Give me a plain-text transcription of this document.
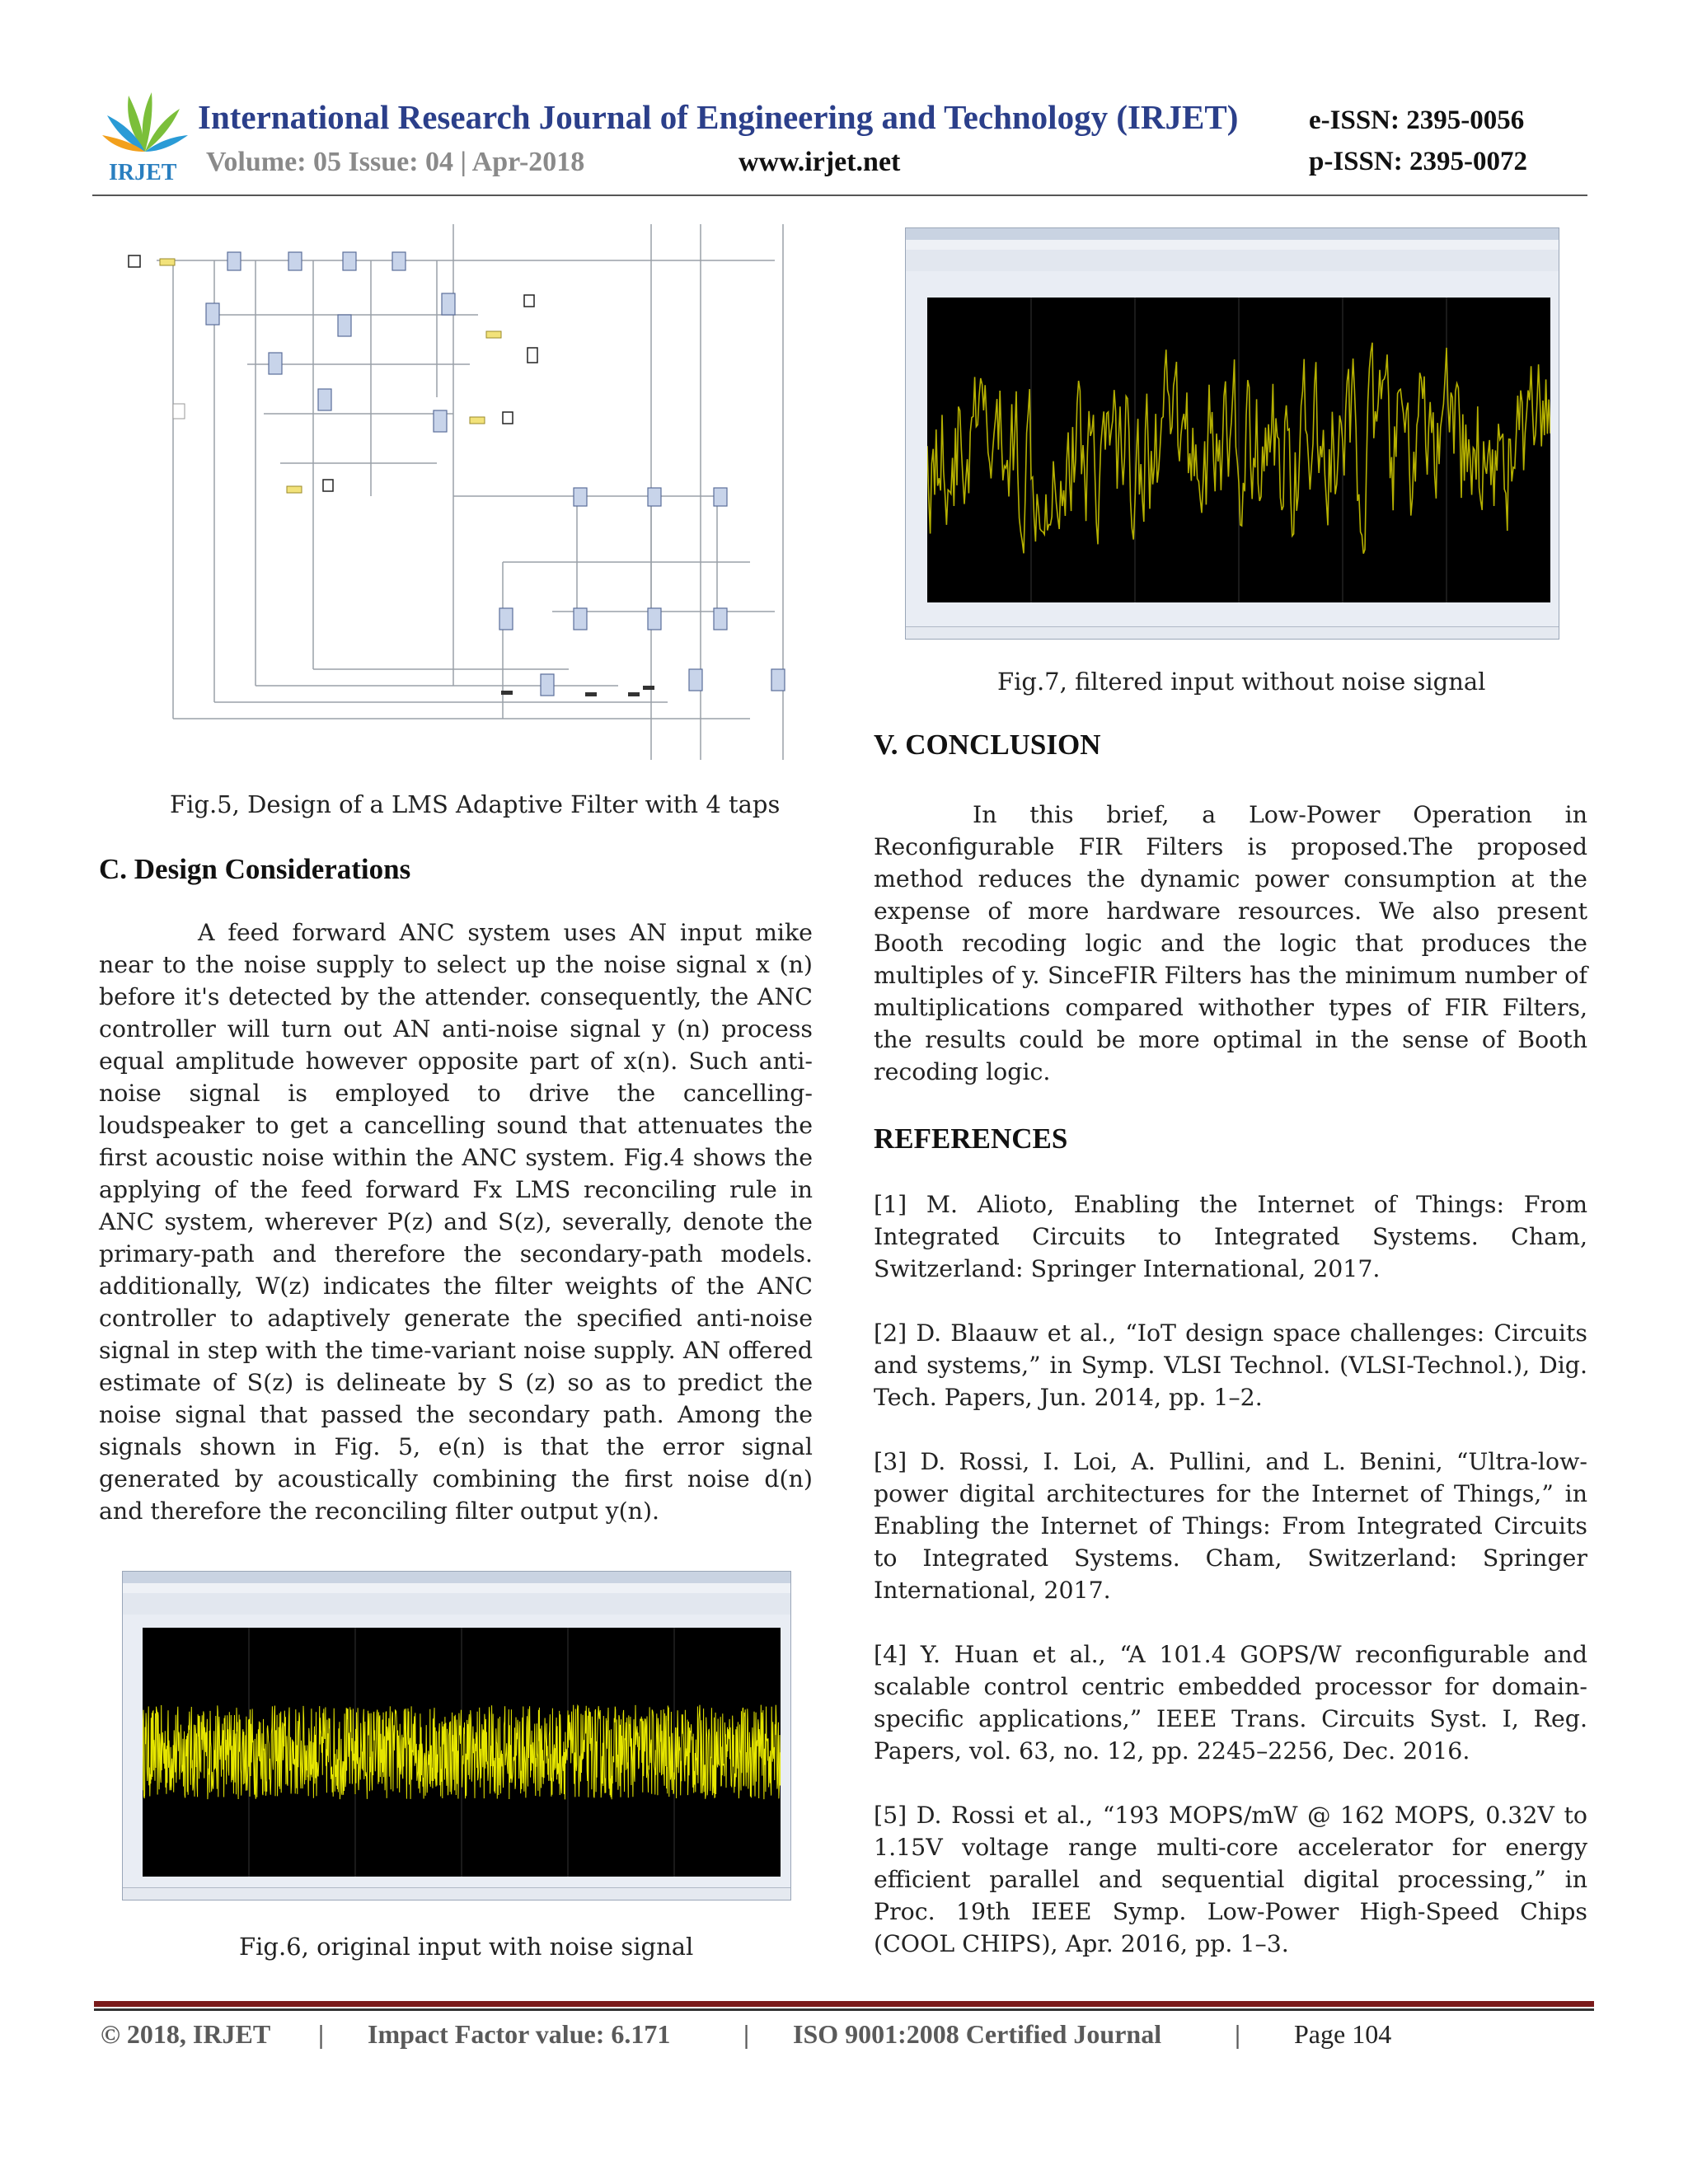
IRJET
International Research Journal of Engineering and Technology (IRJET)
Volume: 05 Issue: 04 | Apr-2018	www.irjet.net
e-ISSN: 2395-0056
p-ISSN: 2395-0072
Fig.5, Design of a LMS Adaptive Filter with 4 taps
C. Design Considerations
A feed forward ANC system uses AN input mike near to the noise supply to select up the noise signal x (n) before it's detected by the attender. consequently, the ANC controller will turn out AN anti-noise signal y (n) process equal amplitude however opposite part of x(n). Such anti-noise signal is employed to drive the cancelling-loudspeaker to get a cancelling sound that attenuates the first acoustic noise within the ANC system. Fig.4 shows the applying of the feed forward Fx LMS reconciling rule in ANC system, wherever P(z) and S(z), severally, denote the primary-path and therefore the secondary-path models. additionally, W(z) indicates the filter weights of the ANC controller to adaptively generate the specified anti-noise signal in step with the time-variant noise supply. AN offered estimate of S(z) is delineate by S (z) so as to predict the noise signal that passed the secondary path. Among the signals shown in Fig. 5, e(n) is that the error signal generated by acoustically combining the first noise d(n) and therefore the reconciling filter output y(n).
Fig.6, original input with noise signal
Fig.7, filtered input without noise signal
V. CONCLUSION
In this brief, a Low-Power Operation in Reconfigurable FIR Filters is proposed.The proposed method reduces the dynamic power consumption at the expense of more hardware resources. We also present Booth recoding logic and the logic that produces the multiples of y. SinceFIR Filters has the minimum number of multiplications compared withother types of FIR Filters, the results could be more optimal in the sense of Booth recoding logic.
REFERENCES
[1] M. Alioto, Enabling the Internet of Things: From Integrated Circuits to Integrated Systems. Cham, Switzerland: Springer International, 2017.
[2] D. Blaauw et al., “IoT design space challenges: Circuits and systems,” in Symp. VLSI Technol. (VLSI-Technol.), Dig. Tech. Papers, Jun. 2014, pp. 1–2.
[3] D. Rossi, I. Loi, A. Pullini, and L. Benini, “Ultra-low-power digital architectures for the Internet of Things,” in Enabling the Internet of Things: From Integrated Circuits to Integrated Systems. Cham, Switzerland: Springer International, 2017.
[4] Y. Huan et al., “A 101.4 GOPS/W reconfigurable and scalable control centric embedded processor for domain-specific applications,” IEEE Trans. Circuits Syst. I, Reg. Papers, vol. 63, no. 12, pp. 2245–2256, Dec. 2016.
[5] D. Rossi et al., “193 MOPS/mW @ 162 MOPS, 0.32V to 1.15V voltage range multi-core accelerator for energy efficient parallel and sequential digital processing,” in Proc. 19th IEEE Symp. Low-Power High-Speed Chips (COOL CHIPS), Apr. 2016, pp. 1–3.
© 2018, IRJET | Impact Factor value: 6.171	| ISO 9001:2008 Certified Journal	| Page 104
